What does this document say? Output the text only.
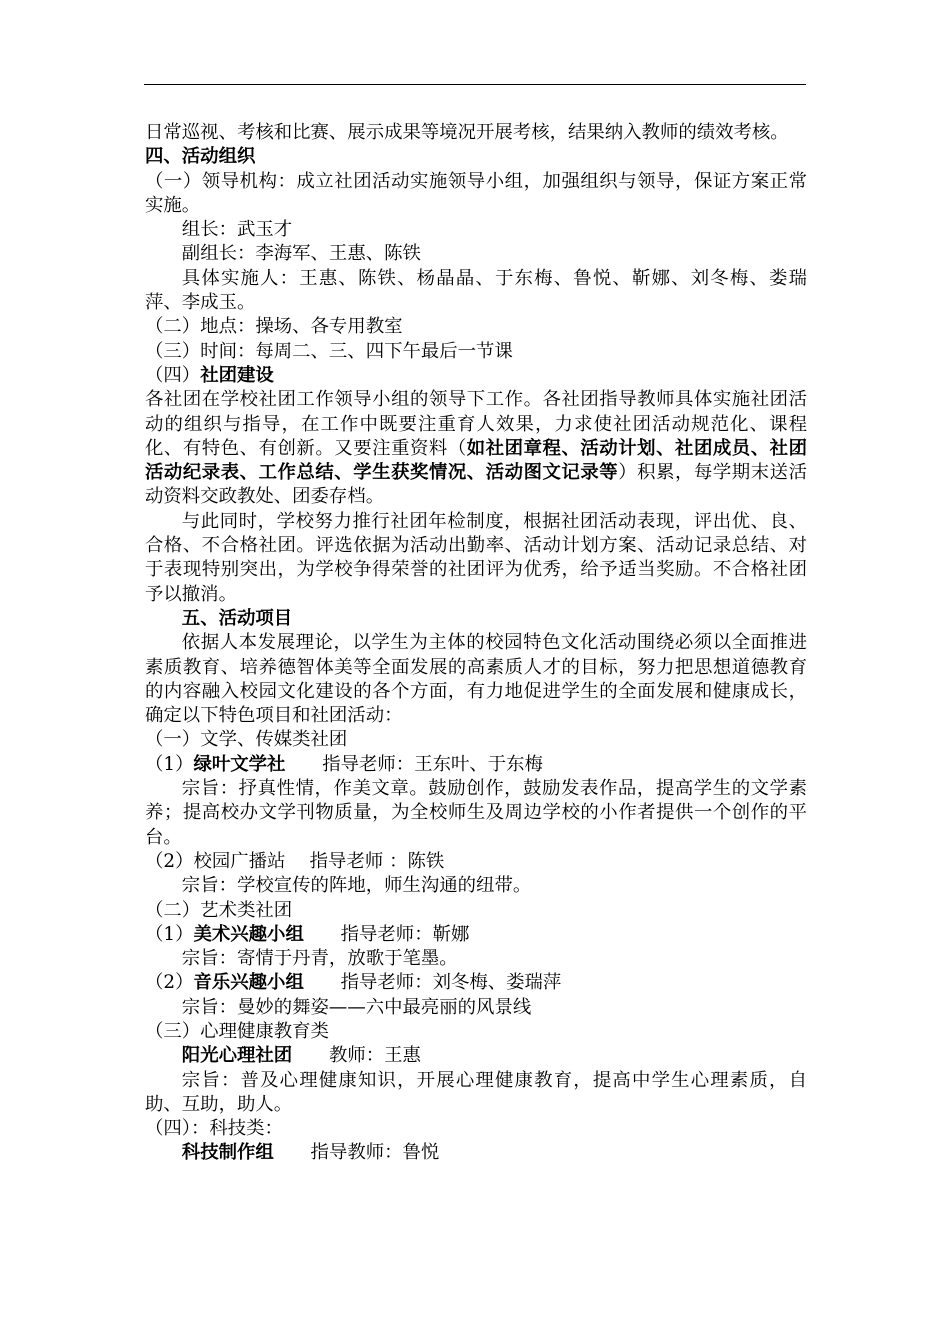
日常巡视、考核和比赛、展示成果等境况开展考核，结果纳入教师的绩效考核。

四、活动组织

（一）领导机构：成立社团活动实施领导小组，加强组织与领导，保证方案正常实施。

组长：武玉才

副组长：李海军、王惠、陈铁

具体实施人：王惠、陈铁、杨晶晶、于东梅、鲁悦、靳娜、刘冬梅、娄瑞萍、李成玉。

（二）地点：操场、各专用教室

（三）时间：每周二、三、四下午最后一节课

（四）社团建设

各社团在学校社团工作领导小组的领导下工作。各社团指导教师具体实施社团活动的组织与指导，在工作中既要注重育人效果，力求使社团活动规范化、课程化、有特色、有创新。又要注重资料（如社团章程、活动计划、社团成员、社团活动纪录表、工作总结、学生获奖情况、活动图文记录等）积累，每学期末送活动资料交政教处、团委存档。

与此同时，学校努力推行社团年检制度，根据社团活动表现，评出优、良、合格、不合格社团。评选依据为活动出勤率、活动计划方案、活动记录总结、对于表现特别突出，为学校争得荣誉的社团评为优秀，给予适当奖励。不合格社团予以撤消。

五、活动项目

依据人本发展理论，以学生为主体的校园特色文化活动围绕必须以全面推进素质教育、培养德智体美等全面发展的高素质人才的目标，努力把思想道德教育的内容融入校园文化建设的各个方面，有力地促进学生的全面发展和健康成长，确定以下特色项目和社团活动：

（一）文学、传媒类社团

（1）绿叶文学社　　指导老师：王东叶、于东梅

宗旨：抒真性情，作美文章。鼓励创作，鼓励发表作品，提高学生的文学素养；提高校办文学刊物质量，为全校师生及周边学校的小作者提供一个创作的平台。

（2）校园广播站　 指导老师 ：陈铁

宗旨：学校宣传的阵地，师生沟通的纽带。

（二）艺术类社团

（1）美术兴趣小组　　指导老师：靳娜

宗旨：寄情于丹青，放歌于笔墨。

（2）音乐兴趣小组　　指导老师：刘冬梅、娄瑞萍

宗旨：曼妙的舞姿——六中最亮丽的风景线

（三）心理健康教育类

阳光心理社团　　教师：王惠

宗旨：普及心理健康知识，开展心理健康教育，提高中学生心理素质，自助、互助，助人。

（四）：科技类：

科技制作组　　指导教师：鲁悦
